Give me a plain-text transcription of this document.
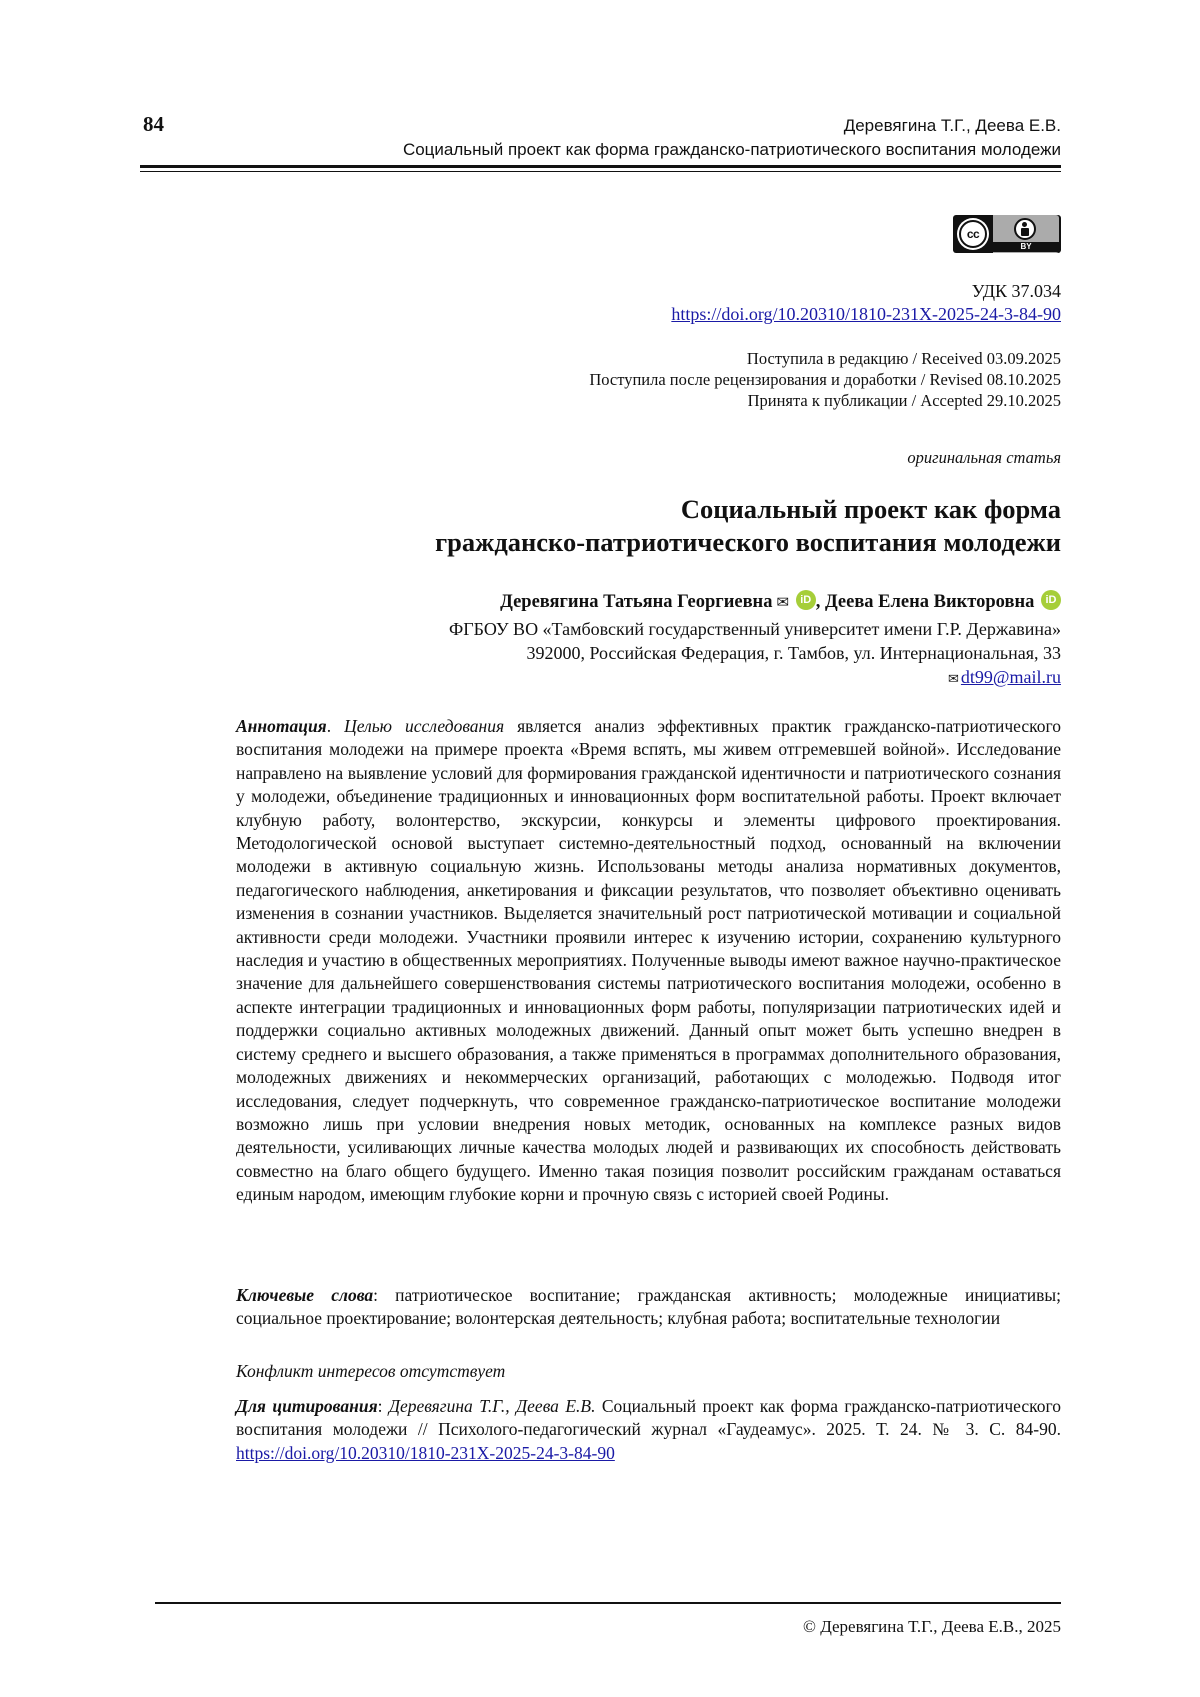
84	Деревягина Т.Г., Деева Е.В.
Социальный проект как форма гражданско-патриотического воспитания молодежи
cc
BY
УДК 37.034
https://doi.org/10.20310/1810-231X-2025-24-3-84-90
Поступила в редакцию / Received 03.09.2025
Поступила после рецензирования и доработки / Revised 08.10.2025
Принята к публикации / Accepted 29.10.2025
оригинальная статья
Социальный проект как форма
гражданско-патриотического воспитания молодежи
Деревягина Татьяна Георгиевна ✉ iD , Деева Елена Викторовна iD
ФГБОУ ВО «Тамбовский государственный университет имени Г.Р. Державина»
392000, Российская Федерация, г. Тамбов, ул. Интернациональная, 33
✉ dt99@mail.ru
Аннотация. Целью исследования является анализ эффективных практик гражданско-патриотического воспитания молодежи на примере проекта «Время вспять, мы живем отгремевшей войной». Исследование направлено на выявление условий для формирования гражданской идентичности и патриотического сознания у молодежи, объединение традиционных и инновационных форм воспитательной работы. Проект включает клубную работу, волонтерство, экскурсии, конкурсы и элементы цифрового проектирования. Методологической основой выступает системно-деятельностный подход, основанный на включении молодежи в активную социальную жизнь. Использованы методы анализа нормативных документов, педагогического наблюдения, анкетирования и фиксации результатов, что позволяет объективно оценивать изменения в сознании участников. Выделяется значительный рост патриотической мотивации и социальной активности среди молодежи. Участники проявили интерес к изучению истории, сохранению культурного наследия и участию в общественных мероприятиях. Полученные выводы имеют важное научно-практическое значение для дальнейшего совершенствования системы патриотического воспитания молодежи, особенно в аспекте интеграции традиционных и инновационных форм работы, популяризации патриотических идей и поддержки социально активных молодежных движений. Данный опыт может быть успешно внедрен в систему среднего и высшего образования, а также применяться в программах дополнительного образования, молодежных движениях и некоммерческих организаций, работающих с молодежью. Подводя итог исследования, следует подчеркнуть, что современное гражданско-патриотическое воспитание молодежи возможно лишь при условии внедрения новых методик, основанных на комплексе разных видов деятельности, усиливающих личные качества молодых людей и развивающих их способность действовать совместно на благо общего будущего. Именно такая позиция позволит российским гражданам оставаться единым народом, имеющим глубокие корни и прочную связь с историей своей Родины.
Ключевые слова: патриотическое воспитание; гражданская активность; молодежные инициативы; социальное проектирование; волонтерская деятельность; клубная работа; воспитательные технологии
Конфликт интересов отсутствует
Для цитирования: Деревягина Т.Г., Деева Е.В. Социальный проект как форма гражданско-патриотического воспитания молодежи // Психолого-педагогический журнал «Гаудеамус». 2025. Т. 24. № 3. С. 84-90. https://doi.org/10.20310/1810-231X-2025-24-3-84-90
© Деревягина Т.Г., Деева Е.В., 2025
